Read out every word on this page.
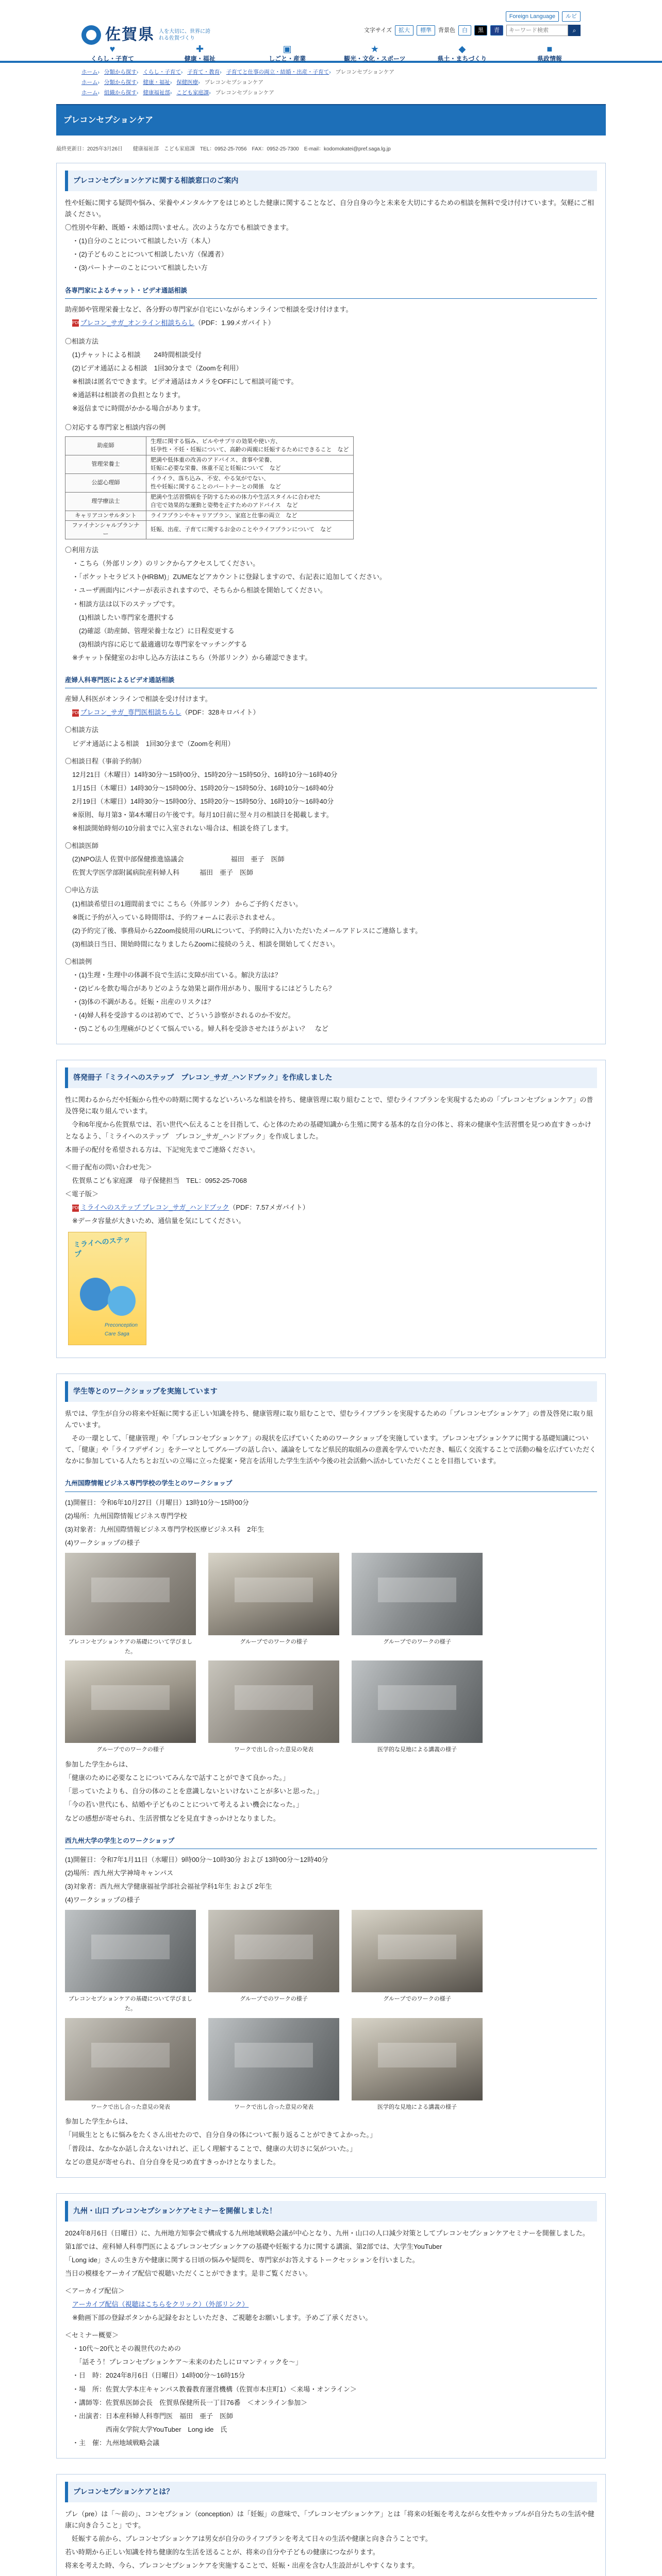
佐賀県 人を大切に、世界に誇れる佐賀づくり
Foreign Language	ルビ
文字サイズ	拡大	標準	背景色	白	黒	青
キーワード検索	⌕
♥
くらし・子育て
✚
健康・福祉
▣
しごと・産業
★
観光・文化・スポーツ
◆
県土・まちづくり
■
県政情報
ホーム› 分類から探す› くらし・子育て› 子育て・教育› 子育てと仕事の両立・結婚・出産・子育て› プレコンセプションケア
ホーム› 分類から探す› 健康・福祉› 保健医療› プレコンセプションケア
ホーム› 組織から探す› 健康福祉部› こども家庭課› プレコンセプションケア
プレコンセプションケア
最終更新日：2025年3月26日　　健康福祉部　こども家庭課　TEL：0952-25-7056　FAX：0952-25-7300　E-mail：kodomokatei@pref.saga.lg.jp
プレコンセプションケアに関する相談窓口のご案内

性や妊娠に関する疑問や悩み、栄養やメンタルケアをはじめとした健康に関することなど、自分自身の今と未来を大切にするための相談を無料で受け付けています。気軽にご相談ください。

〇性別や年齢、既婚・未婚は問いません。次のような方でも相談できます。

・(1)自分のことについて相談したい方（本人）

・(2)子どものことについて相談したい方（保護者）

・(3)パートナーのことについて相談したい方

各専門家によるチャット・ビデオ通話相談

助産師や管理栄養士など、各分野の専門家が自宅にいながらオンラインで相談を受け付けます。

PDFプレコン_サガ_オンライン相談ちらし（PDF：1.99メガバイト）

〇相談方法

(1)チャットによる相談　　24時間相談受付

(2)ビデオ通話による相談　1回30分まで（Zoomを利用）

※相談は匿名でできます。ビデオ通話はカメラをOFFにして相談可能です。

※通話料は相談者の負担となります。

※返信までに時間がかかる場合があります。

〇対応する専門家と相談内容の例

助産師	生理に関する悩み、ピルやサプリの効果や使い方、
妊孕性・不妊・妊娠について、高齢の両親に妊娠するためにできること　など
管理栄養士	肥満や低体重の改善のアドバイス、食事や栄養、
妊娠に必要な栄養、体重不足と妊娠について　など
公認心理師	イライラ、落ち込み、不安、やる気がでない、
性や妊娠に関することのパートナーとの関係　など
理学療法士	肥満や生活習慣病を予防するための体力や生活スタイルに合わせた
自宅で効果的な運動と姿勢を正すためのアドバイス　など
キャリアコンサルタント	ライフプランやキャリアプラン、家庭と仕事の両立　など
ファイナンシャルプランナー	妊娠、出産、子育てに関するお金のことやライフプランについて　など

〇利用方法

・こちら（外部リンク）のリンクからアクセスしてください。

・「ポケットセラピスト(HRBM)」ZUMEなどアカウントに登録しますので、右記表に追加してください。

・ユーザ画面内にバナーが表示されますので、そちらから相談を開始してください。

・相談方法は以下のステップです。

　(1)相談したい専門家を選択する

　(2)確認（助産師、管理栄養士など）に日程変更する

　(3)相談内容に応じて最適適切な専門家をマッチングする

※チャット保健室のお申し込み方法はこちら（外部リンク）から確認できます。

産婦人科専門医によるビデオ通話相談

産婦人科医がオンラインで相談を受け付けます。

PDFプレコン_サガ_専門医相談ちらし（PDF：328キロバイト）

〇相談方法

ビデオ通話による相談　1回30分まで（Zoomを利用）

〇相談日程（事前予約制）

12月21日（木曜日）14時30分〜15時00分、15時20分〜15時50分、16時10分〜16時40分

1月15日（木曜日）14時30分〜15時00分、15時20分〜15時50分、16時10分〜16時40分

2月19日（木曜日）14時30分〜15時00分、15時20分〜15時50分、16時10分〜16時40分

※原則、毎月第3・第4木曜日の午後です。毎月10日前に翌々月の相談日を掲載します。

※相談開始時刻の10分前までに入室されない場合は、相談を終了します。

〇相談医師

(2)NPO法人 佐賀中部保健推進協議会　　　　　　　福田　亜子　医師

佐賀大学医学部附属病院産科婦人科　　　福田　亜子　医師

〇申込方法

(1)相談希望日の1週間前までに こちら（外部リンク） からご予約ください。

※既に予約が入っている時間帯は、予約フォームに表示されません。

(2)予約完了後、事務局から2Zoom接続用のURLについて、予約時に入力いただいたメールアドレスにご連絡します。

(3)相談日当日、開始時間になりましたらZoomに接続のうえ、相談を開始してください。

〇相談例

・(1)生理・生理中の体調不良で生活に支障が出ている。解決方法は？

・(2)ピルを飲む場合がありどのような効果と副作用があり、服用するにはどうしたら？

・(3)体の不調がある。妊娠・出産のリスクは？

・(4)婦人科を受診するのは初めてで、どういう診察がされるのか不安だ。

・(5)こどもの生理痛がひどくて悩んでいる。婦人科を受診させたほうがよい？　など

啓発冊子「ミライへのステップ　プレコン_サガ_ハンドブック」を作成しました

性に関わるからだや妊娠から性やの時期に関するなどいろいろな相談を持ち、健康管理に取り組むことで、望むライフプランを実現するための「プレコンセプションケア」の普及啓発に取り組んでいます。

　令和6年度から佐賀県では、若い世代へ伝えることを目指して、心と体のための基礎知識から生殖に関する基本的な自分の体と、将来の健康や生活習慣を見つめ直すきっかけとなるよう、「ミライへのステップ　プレコン_サガ_ハンドブック」を作成しました。

本冊子の配付を希望される方は、下記宛先までご連絡ください。

＜冊子配布の問い合わせ先＞

佐賀県こども家庭課　母子保健担当　TEL：0952-25-7068

＜電子版＞

PDFミライへのステップ プレコン_サガ_ハンドブック（PDF：7.57メガバイト）

※データ容量が大きいため、通信量を気にしてください。

ミライへのステップ
Preconception Care Saga
学生等とのワークショップを実施しています

県では、学生が自分の将来や妊娠に関する正しい知識を持ち、健康管理に取り組むことで、望むライフプランを実現するための「プレコンセプションケア」の普及啓発に取り組んでいます。

　その一環として、「健康管理」や「プレコンセプションケア」の現状を広げていくためのワークショップを実施しています。プレコンセプションケアに関する基礎知識について、「健康」や「ライフデザイン」をテーマとしてグループの話し合い、議論をしてなど県民的取組みの意義を学んでいただき、幅広く交流することで活動の輪を広げていただくなかに参加している人たちとお互いの立場に立った提案・発言を活用した学生生活や今後の社会活動へ活かしていただくことを目指しています。

九州国際情報ビジネス専門学校の学生とのワークショップ

(1)開催日：令和6年10月27日（月曜日）13時10分〜15時00分

(2)場所：九州国際情報ビジネス専門学校

(3)対象者：九州国際情報ビジネス専門学校医療ビジネス科　2年生

(4)ワークショップの様子

プレコンセプションケアの基礎について学びました。
グループでのワークの様子	グループでのワークの様子
グループでのワークの様子	ワークで出し合った意見の発表	医学的な見地による講義の様子

参加した学生からは、

「健康のために必要なことについてみんなで話すことができて良かった。」

「思っていたよりも、自分の体のことを意識しないといけないことが多いと思った。」

「今の若い世代にも、結婚や子どものことについて考えるよい機会になった。」

などの感想が寄せられ、生活習慣などを見直すきっかけとなりました。

西九州大学の学生とのワークショップ

(1)開催日：令和7年1月11日（水曜日）9時00分〜10時30分 および 13時00分〜12時40分

(2)場所：西九州大学神埼キャンパス

(3)対象者：西九州大学健康福祉学部社会福祉学科1年生 および 2年生

(4)ワークショップの様子

プレコンセプションケアの基礎について学びました。
グループでのワークの様子	グループでのワークの様子
ワークで出し合った意見の発表	ワークで出し合った意見の発表	医学的な見地による講義の様子

参加した学生からは、

「同級生とともに悩みをたくさん出せたので、自分自身の体について振り返ることができてよかった。」

「普段は、なかなか話し合えないけれど、正しく理解することで、健康の大切さに気がついた。」

などの意見が寄せられ、自分自身を見つめ直すきっかけとなりました。

九州・山口 プレコンセプションケアセミナーを開催しました！

2024年8月6日（日曜日）に、九州地方知事会で構成する九州地域戦略会議が中心となり、九州・山口の人口減少対策としてプレコンセプションケアセミナーを開催しました。

第1部では、産科婦人科専門医によるプレコンセプションケアの基礎や妊娠する力に関する講演、第2部では、大学生YouTuber

「Long ide」さんの生き方や健康に関する日頃の悩みや疑問を、専門家がお答えするトークセッションを行いました。

当日の模様をアーカイブ配信で視聴いただくことができます。是非ご覧ください。

＜アーカイブ配信＞

アーカイブ配信（視聴はこちらをクリック）（外部リンク）

※動画下部の登録ボタンから記録をおとしいただき、ご視聴をお願いします。予めご了承ください。

＜セミナー概要＞

・10代〜20代とその親世代のための

　「話そう！プレコンセプションケア〜未来のわたしにロマンティックを〜」

・日　時：2024年8月6日（日曜日）14時00分〜16時15分

・場　所：佐賀大学本庄キャンパス教養教育運営機構（佐賀市本庄町1）＜来場・オンライン＞

・講師等：佐賀県医師会長　佐賀県保健所長一丁目76番　＜オンライン参加＞

・出演者：日本産科婦人科専門医　福田　亜子　医師

　　　　　西南女学院大学YouTuber　Long ide　氏

・主　催：九州地域戦略会議

プレコンセプションケアとは？

プレ（pre）は「〜前の」、コンセプション（conception）は「妊娠」の意味で、「プレコンセプションケア」とは「将来の妊娠を考えながら女性やカップルが自分たちの生活や健康に向き合うこと」です。

　妊娠する前から、プレコンセプションケアは男女が自分のライフプランを考えて日々の生活や健康と向き合うことです。

若い時期から正しい知識を持ち健康的な生活を送ることが、将来の自分や子どもの健康につながります。

将来を考えた時、今ら、プレコンセプションケアを実施することで、妊娠・出産を含む人生設計がしやすくなります。
